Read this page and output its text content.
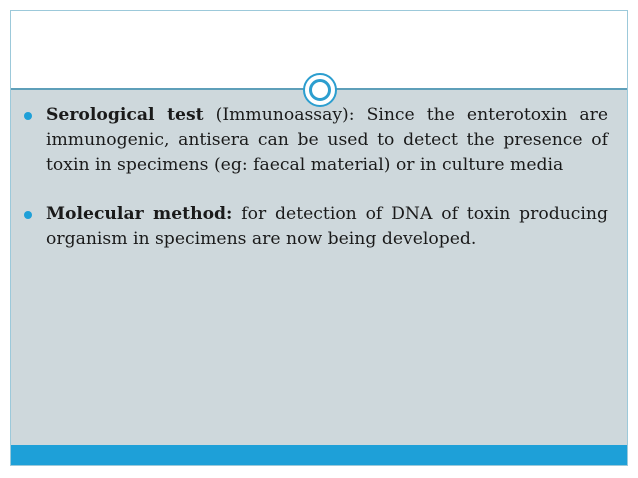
Serological test (Immunoassay): Since the enterotoxin are immunogenic, antisera can be used to detect the presence of toxin in specimens (eg: faecal material) or in culture media
Molecular method: for detection of DNA of toxin producing organism in specimens are now being developed.
